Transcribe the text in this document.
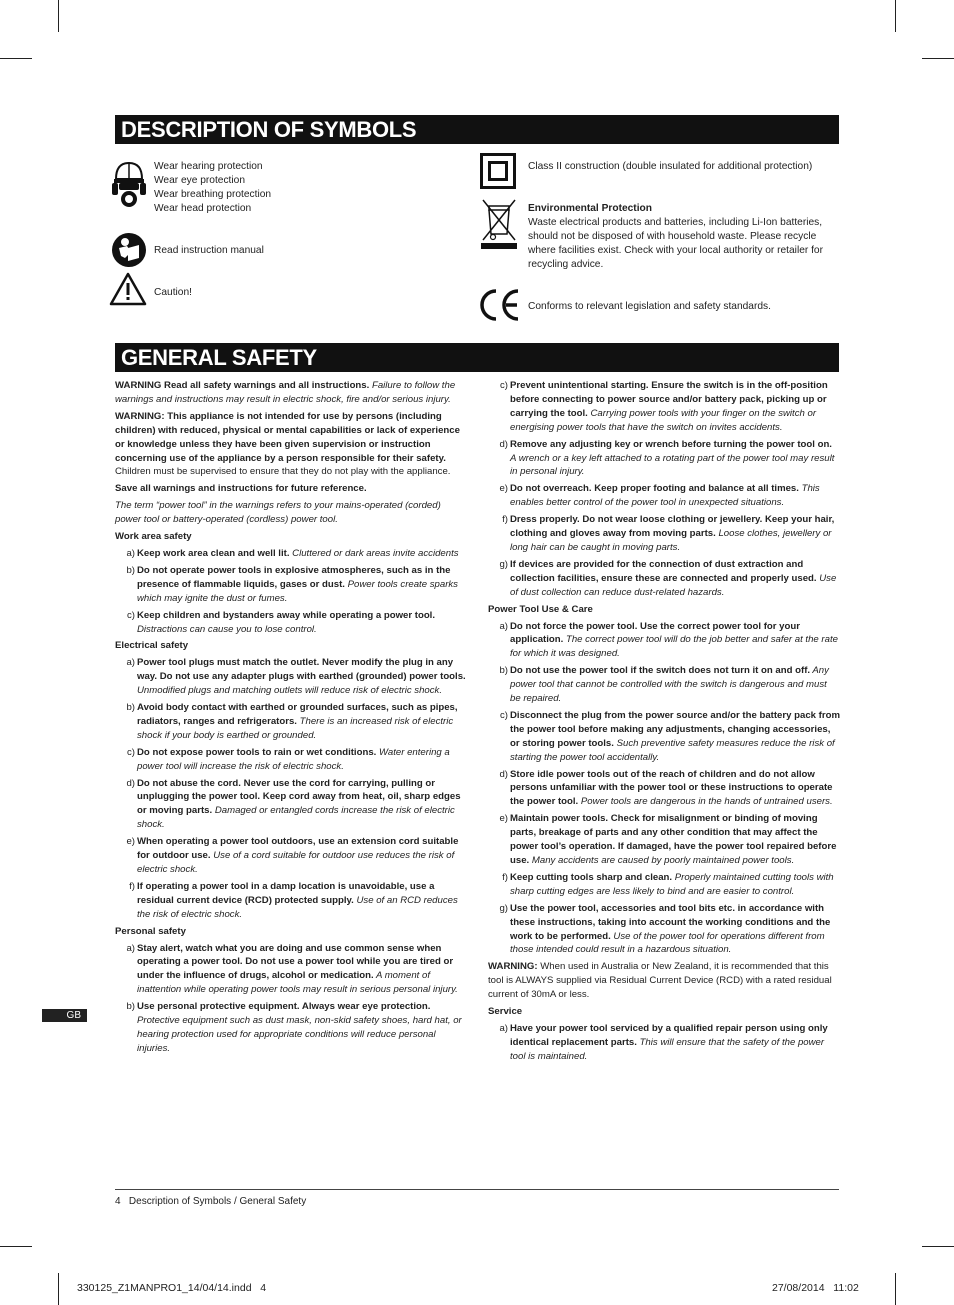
DESCRIPTION OF SYMBOLS
Wear hearing protection
Wear eye protection
Wear breathing protection
Wear head protection
Read instruction manual
Caution!
Class II construction (double insulated for additional protection)
Environmental Protection
Waste electrical products and batteries, including Li-Ion batteries, should not be disposed of with household waste. Please recycle where facilities exist. Check with your local authority or retailer for recycling advice.
Conforms to relevant legislation and safety standards.
GENERAL SAFETY

WARNING Read all safety warnings and all instructions. Failure to follow the warnings and instructions may result in electric shock, fire and/or serious injury.

WARNING: This appliance is not intended for use by persons (including children) with reduced, physical or mental capabilities or lack of experience or knowledge unless they have been given supervision or instruction concerning use of the appliance by a person responsible for their safety. Children must be supervised to ensure that they do not play with the appliance.

Save all warnings and instructions for future reference.

The term “power tool” in the warnings refers to your mains-operated (corded) power tool or battery-operated (cordless) power tool.

Work area safety
a) Keep work area clean and well lit. Cluttered or dark areas invite accidents
b) Do not operate power tools in explosive atmospheres, such as in the presence of flammable liquids, gases or dust. Power tools create sparks which may ignite the dust or fumes.
c) Keep children and bystanders away while operating a power tool. Distractions can cause you to lose control.
Electrical safety
a) Power tool plugs must match the outlet. Never modify the plug in any way. Do not use any adapter plugs with earthed (grounded) power tools. Unmodified plugs and matching outlets will reduce risk of electric shock.
b) Avoid body contact with earthed or grounded surfaces, such as pipes, radiators, ranges and refrigerators. There is an increased risk of electric shock if your body is earthed or grounded.
c) Do not expose power tools to rain or wet conditions. Water entering a power tool will increase the risk of electric shock.
d) Do not abuse the cord. Never use the cord for carrying, pulling or unplugging the power tool. Keep cord away from heat, oil, sharp edges or moving parts. Damaged or entangled cords increase the risk of electric shock.
e) When operating a power tool outdoors, use an extension cord suitable for outdoor use. Use of a cord suitable for outdoor use reduces the risk of electric shock.
f) If operating a power tool in a damp location is unavoidable, use a residual current device (RCD) protected supply. Use of an RCD reduces the risk of electric shock.
Personal safety
a) Stay alert, watch what you are doing and use common sense when operating a power tool. Do not use a power tool while you are tired or under the influence of drugs, alcohol or medication. A moment of inattention while operating power tools may result in serious personal injury.
b) Use personal protective equipment. Always wear eye protection. Protective equipment such as dust mask, non-skid safety shoes, hard hat, or hearing protection used for appropriate conditions will reduce personal injuries.
c) Prevent unintentional starting. Ensure the switch is in the off-position before connecting to power source and/or battery pack, picking up or carrying the tool. Carrying power tools with your finger on the switch or energising power tools that have the switch on invites accidents.
d) Remove any adjusting key or wrench before turning the power tool on. A wrench or a key left attached to a rotating part of the power tool may result in personal injury.
e) Do not overreach. Keep proper footing and balance at all times. This enables better control of the power tool in unexpected situations.
f) Dress properly. Do not wear loose clothing or jewellery. Keep your hair, clothing and gloves away from moving parts. Loose clothes, jewellery or long hair can be caught in moving parts.
g) If devices are provided for the connection of dust extraction and collection facilities, ensure these are connected and properly used. Use of dust collection can reduce dust-related hazards.
Power Tool Use & Care
a) Do not force the power tool. Use the correct power tool for your application. The correct power tool will do the job better and safer at the rate for which it was designed.
b) Do not use the power tool if the switch does not turn it on and off. Any power tool that cannot be controlled with the switch is dangerous and must be repaired.
c) Disconnect the plug from the power source and/or the battery pack from the power tool before making any adjustments, changing accessories, or storing power tools. Such preventive safety measures reduce the risk of starting the power tool accidentally.
d) Store idle power tools out of the reach of children and do not allow persons unfamiliar with the power tool or these instructions to operate the power tool. Power tools are dangerous in the hands of untrained users.
e) Maintain power tools. Check for misalignment or binding of moving parts, breakage of parts and any other condition that may affect the power tool’s operation. If damaged, have the power tool repaired before use. Many accidents are caused by poorly maintained power tools.
f) Keep cutting tools sharp and clean. Properly maintained cutting tools with sharp cutting edges are less likely to bind and are easier to control.
g) Use the power tool, accessories and tool bits etc. in accordance with these instructions, taking into account the working conditions and the work to be performed. Use of the power tool for operations different from those intended could result in a hazardous situation.

WARNING: When used in Australia or New Zealand, it is recommended that this tool is ALWAYS supplied via Residual Current Device (RCD) with a rated residual current of 30mA or less.

Service
a) Have your power tool serviced by a qualified repair person using only identical replacement parts. This will ensure that the safety of the power tool is maintained.
GB
4 Description of Symbols / General Safety
330125_Z1MANPRO1_14/04/14.indd   4	27/08/2014   11:02
